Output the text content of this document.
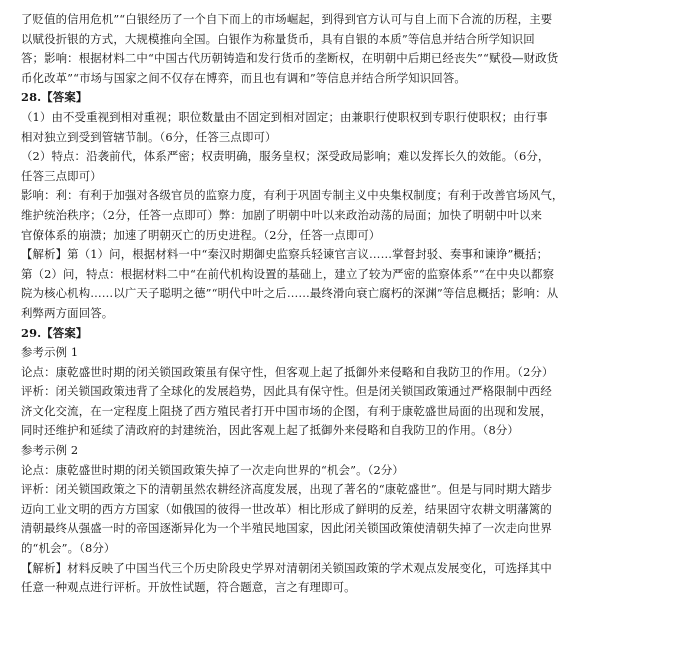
了贬值的信用危机”“白银经历了一个自下而上的市场崛起，到得到官方认可与自上而下合流的历程，主要
以赋役折银的方式，大规模推向全国。白银作为称量货币，具有自银的本质”等信息并结合所学知识回
答；影响：根据材料二中“中国古代历朝铸造和发行货币的垄断权，在明朝中后期已经丧失”“赋役—财政货
币化改革”“市场与国家之间不仅存在博弈，而且也有调和”等信息并结合所学知识回答。
28.【答案】
（1）由不受重视到相对重视；职位数量由不固定到相对固定；由兼职行使职权到专职行使职权；由行事
相对独立到受到管辖节制。（6分，任答三点即可）
（2）特点：沿袭前代，体系严密；权责明确，服务皇权；深受政局影响；难以发挥长久的效能。（6分，
任答三点即可）
影响：利：有利于加强对各级官员的监察力度，有利于巩固专制主义中央集权制度；有利于改善官场风气，
维护统治秩序；（2分，任答一点即可）弊：加剧了明朝中叶以来政治动荡的局面；加快了明朝中叶以来
官僚体系的崩溃；加速了明朝灭亡的历史进程。（2分，任答一点即可）
【解析】第（1）问，根据材料一中“秦汉时期御史监察兵轻谏官言议……掌督封驳、奏事和谏诤”概括；
第（2）问，特点：根据材料二中“在前代机构设置的基础上，建立了较为严密的监察体系”“在中央以都察
院为核心机构……以广天子聪明之德”“明代中叶之后……最终滑向衰亡腐朽的深渊”等信息概括；影响：从
利弊两方面回答。
29.【答案】
参考示例 1
论点：康乾盛世时期的闭关锁国政策虽有保守性，但客观上起了抵御外来侵略和自我防卫的作用。（2分）
评析：闭关锁国政策违背了全球化的发展趋势，因此具有保守性。但是闭关锁国政策通过严格限制中西经
济文化交流，在一定程度上阻挠了西方殖民者打开中国市场的企图，有利于康乾盛世局面的出现和发展，
同时还维护和延续了清政府的封建统治，因此客观上起了抵御外来侵略和自我防卫的作用。（8分）
参考示例 2
论点：康乾盛世时期的闭关锁国政策失掉了一次走向世界的“机会”。（2分）
评析：闭关锁国政策之下的清朝虽然农耕经济高度发展，出现了著名的“康乾盛世”。但是与同时期大踏步
迈向工业文明的西方方国家（如俄国的彼得一世改革）相比形成了鲜明的反差，结果固守农耕文明藩篱的
清朝最终从强盛一时的帝国逐渐异化为一个半殖民地国家，因此闭关锁国政策使清朝失掉了一次走向世界
的“机会”。（8分）
【解析】材料反映了中国当代三个历史阶段史学界对清朝闭关锁国政策的学术观点发展变化，可选择其中
任意一种观点进行评析。开放性试题，符合题意，言之有理即可。
